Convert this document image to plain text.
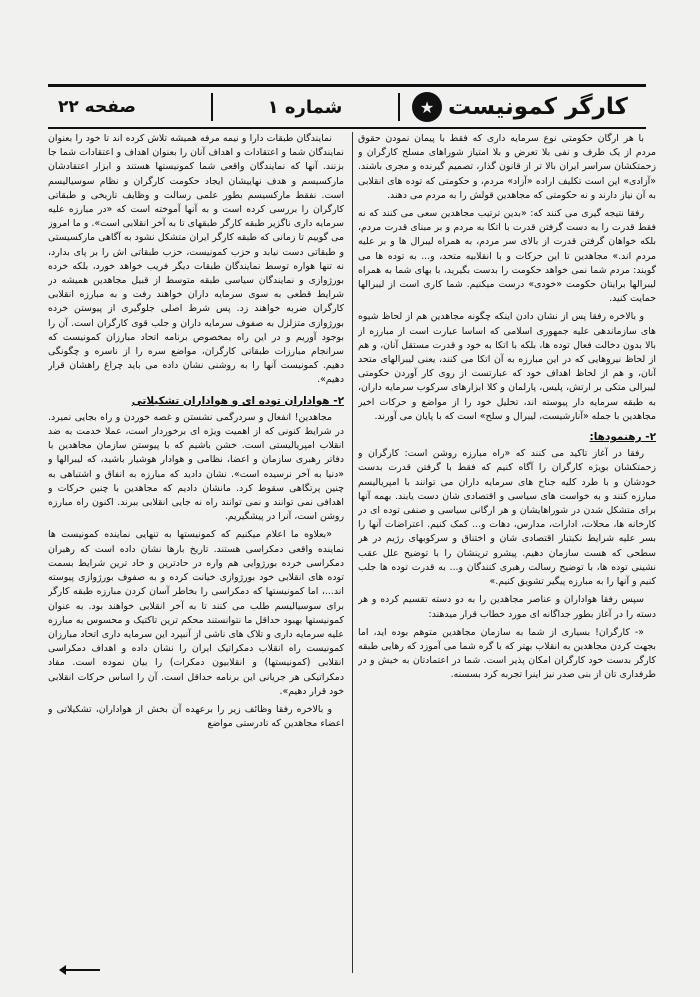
صفحه ۲۲	شماره ۱	کارگر کمونیست
★

با هر ارگان حکومتی نوع سرمایه داری که فقط با پیمان نمودن حقوق مردم از یک طرف و نفی بلا تعرض و بلا امتیاز شوراهای مسلح کارگران و زحمتکشان سراسر ایران بالا تر از قانون گذار، تصمیم گیرنده و مجری باشند. «آزادی» این است تکلیف اراده «آزاد» مردم، و حکومتی که توده های انقلابی به آن نیاز دارند و نه حکومتی که مجاهدین قولش را به مردم می دهند.

رفقا نتیجه گیری می کنند که: «بدین ترتیب مجاهدین سعی می کنند که نه فقط قدرت را به دست گرفتن قدرت با اتکا به مردم و بر مبنای قدرت مردم، بلکه خواهان گرفتن قدرت از بالای سر مردم، به همراه لیبرال ها و بر علیه مردم اند.» مجاهدین تا این حرکات و با انقلابیه متحد، و... به توده ها می گویند: مردم شما نمی خواهد حکومت را بدست بگیرید، با بهای شما به همراه لیبرالها برایتان حکومت «خودی» درست میکنیم. شما کاری است از لیبرالها حمایت کنید.

و بالاخره رفقا پس از نشان دادن اینکه چگونه مجاهدین هم از لحاظ شیوه های سازماندهی علیه جمهوری اسلامی که اساسا عبارت است از مبارزه از بالا بدون دخالت فعال توده ها، بلکه با اتکا به خود و قدرت مستقل آنان، و هم از لحاظ نیروهایی که در این مبارزه به آن اتکا می کنند، یعنی لیبرالهای متحد آنان، و هم از لحاظ اهداف خود که عبارتست از روی کار آوردن حکومتی لیبرالی متکی بر ارتش، پلیس، پارلمان و کلا ابزارهای سرکوب سرمایه داران، به طبقه سرمایه دار پیوسته اند، تحلیل خود را از مواضع و حرکات اخیر مجاهدین با جمله «آنارشیست، لیبرال و سلح» است که با پایان می آورند.

۲- رهنمودها:

رفقا در آغاز تاکید می کنند که «راه مبارزه روشن است: کارگران و زحمتکشان بویژه کارگران را آگاه کنیم که فقط با گرفتن قدرت بدست خودشان و با طرد کلیه جناح های سرمایه داران می توانند با امپریالیسم مبارزه کنند و به خواست های سیاسی و اقتصادی شان دست یابند. بهمه آنها برای متشکل شدن در شوراهایشان و هر ارگانی سیاسی و صنفی توده ای در کارخانه ها، محلات، ادارات، مدارس، دهات و... کمک کنیم. اعتراضات آنها را بسر علیه شرایط نکبتبار اقتصادی شان و اختناق و سرکوبهای رژیم در هر سطحی که هست سازمان دهیم. پیشرو ترینشان را با توضیح علل عقب نشینی توده ها، با توضیح رسالت رهبری کنندگان و... به قدرت توده ها جلب کنیم و آنها را به مبارزه پیگیر تشویق کنیم.»

سپس رفقا هواداران و عناصر مجاهدین را به دو دسته تقسیم کرده و هر دسته را در آغاز بطور جداگانه ای مورد خطاب قرار میدهند:

«- کارگران! بسیاری از شما به سازمان مجاهدین متوهم بوده اید، اما بجهت کردن مجاهدین به انقلاب بهتر که با گره شما می آموزد که رهایی طبقه کارگر بدست خود کارگران امکان پذیر است. شما در اعتمادتان به خیش و در طرفداری تان از بنی صدر نیز اینرا تجربه کرد بسسنه.

نمایندگان طبقات دارا و نیمه مرفه همیشه تلاش کرده اند تا خود را بعنوان نمایندگان شما و اعتقادات و اهداف آنان را بعنوان اهداف و اعتقادات شما جا بزنند. آنها که نمایندگان واقعی شما کمونیستها هستند و ابزار اعتقادشان مارکسیسم و هدف نهاییشان ایجاد حکومت کارگران و نظام سوسیالیسم است. نفقط مارکسیسم بطور علمی رسالت و وظایف تاریخی و طبقاتی کارگران را بررسی کرده است و به آنها آموخته است که «در مبارزه علیه سرمایه داری ناگزیر طبقه کارگر طبقهای تا به آخر انقلابی است». و ما امروز می گوییم تا زمانی که طبقه کارگر ایران متشکل نشود به آگاهی مارکسیستی و طبقاتی دست نیابد و حزب کمونیست، حزب طبقاتی اش را بر پای بدارد، نه تنها هواره توسط نمایندگان طبقات دیگر فریب خواهد خورد، بلکه خرده بورژوازی و نمایندگان سیاسی طبقه متوسط از قبیل مجاهدین همیشه در شرایط قطعی به سوی سرمایه داران خواهند رفت و به مبارزه انقلابی کارگران ضربه خواهند زد. پس شرط اصلی جلوگیری از پیوستن خرده بورژوازی متزلزل به صفوف سرمایه داران و جلب قوی کارگران است. آن را بوجود آوریم و در این راه بمخصوص برنامه اتحاد مبارزان کمونیست که سرانجام مبارزات طبقاتی کارگران، مواضع سره را از ناسره و چگونگی دهیم. کمونیست آنها را به روشنی نشان داده می باید چراغ راهشان قرار دهیم».

۲- هواداران توده ای و هواداران تشکیلاتی

مجاهدین! انفعال و سردرگمی نشستن و غصه خوردن و راه بجایی نمیرد. در شرایط کنونی که از اهمیت ویژه ای برخوردار است، عملا خدمت به ضد انقلاب امپریالیستی است. خشن باشیم که با پیوستن سازمان مجاهدین با دفاتر رهبری سازمان و اعضا، نظامی و هوادار هوشیار باشید، که لیبرالها و «دنیا به آخر نرسیده است». نشان دادید که مبارزه به انفاق و اشتباهی به چنین پرتگاهی سقوط کرد. مانشان دادیم که مجاهدین با چنین حرکات و اهدافی نمی توانند و نمی توانند راه نه جایی انقلابی ببرند. اکنون راه مبارزه روشن است، آنرا در پیشگیریم.

«بعلاوه ما اعلام میکنیم که کمونیستها به تنهایی نماینده کمونیست ها نماینده واقعی دمکراسی هستند. تاریخ بارها نشان داده است که رهبران دمکراسی خرده بورژوایی هم واره در حادترین و حاد ترین شرایط بسمت توده های انقلابی خود بورژوازی خیانت کرده و به صفوف بورژوازی پیوسته اند...، اما کمونیستها که دمکراسی را بخاطر آسان کردن مبارزه طبقه کارگر برای سوسیالیسم طلب می کنند تا به آخر انقلابی خواهند بود. به عنوان کمونیستها بهبود حداقل ما نتوانستند محکم ترین تاکتیک و محسوس به مبارزه علیه سرمایه داری و تلاک های ناشی از آنبپرد این سرمایه داری اتحاد مبارزان کمونیست راه انقلاب دمکراتیک ایران را نشان داده و اهداف دمکراسی انقلابی (کمونیستها) و انقلابیون دمکرات) را بیان نموده است. مفاد دمکراتیکی هر جریانی این برنامه حداقل است. آن را اساس حرکات انقلابی خود قرار دهیم».

و بالاخره رفقا وظائف زیر را برعهده آن بخش از هواداران، تشکیلاتی و اعضاء مجاهدین که تادرستی مواضع
